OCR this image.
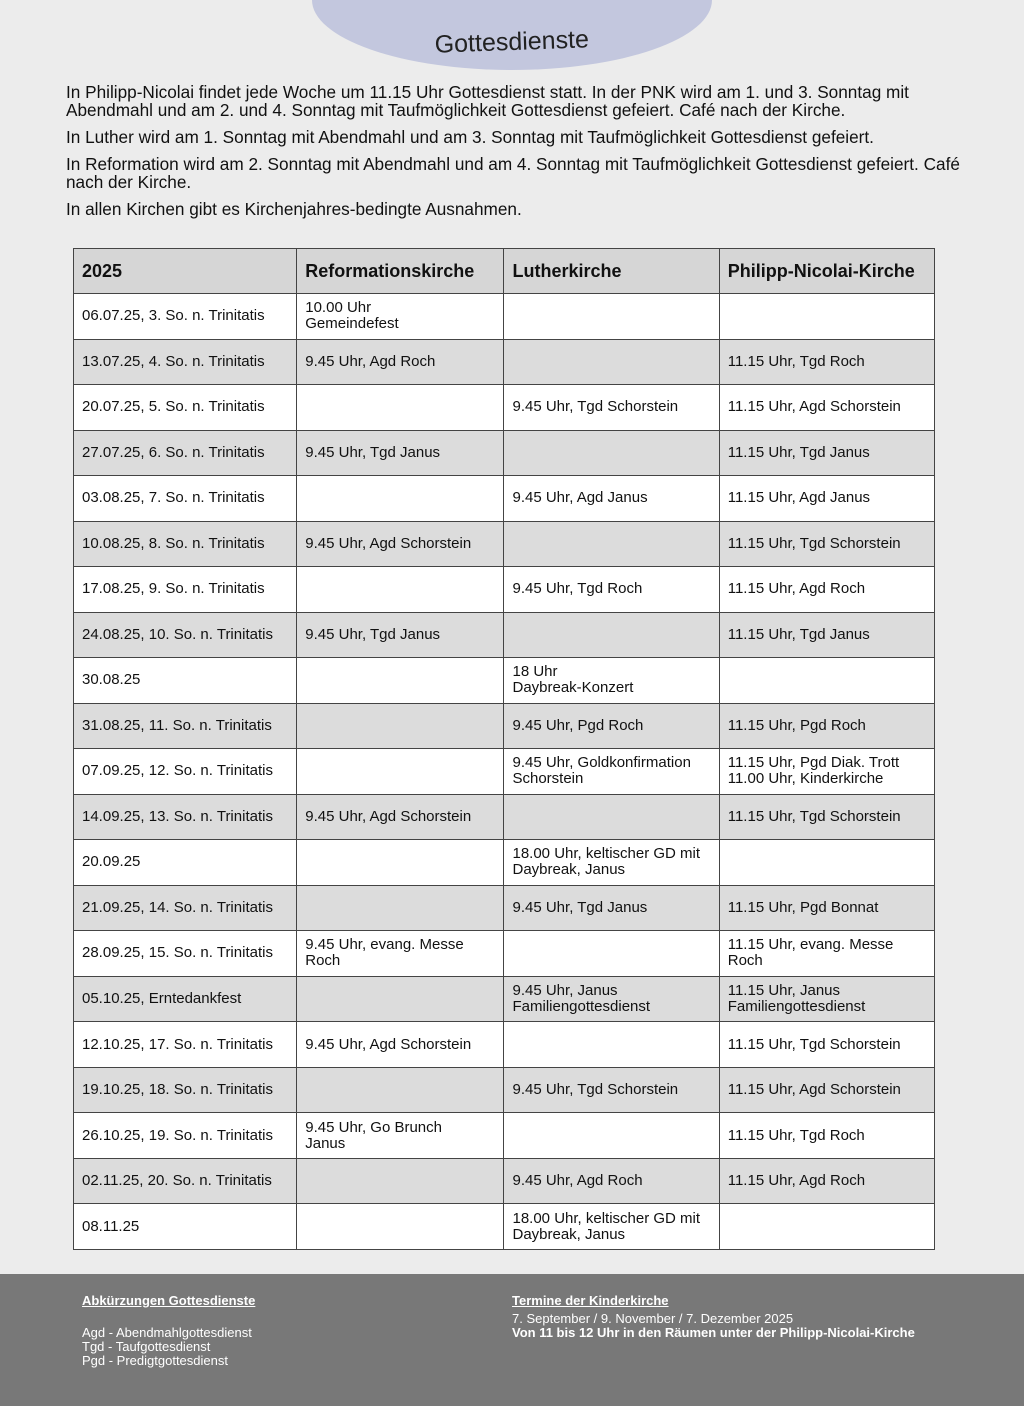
Gottesdienste

In Philipp-Nicolai findet jede Woche um 11.15 Uhr Gottesdienst statt. In der PNK wird am 1. und 3. Sonntag mit Abendmahl und am 2. und 4. Sonntag mit Taufmöglichkeit Gottesdienst gefeiert. Café nach der Kirche.

In Luther wird am 1. Sonntag mit Abendmahl und am 3. Sonntag mit Taufmöglichkeit Gottesdienst gefeiert.

In Reformation wird am 2. Sonntag mit Abendmahl und am 4. Sonntag mit Taufmöglichkeit Gottesdienst gefeiert. Café nach der Kirche.

In allen Kirchen gibt es Kirchenjahres-bedingte Ausnahmen.

2025	Reformationskirche	Lutherkirche	Philipp-Nicolai-Kirche
06.07.25, 3. So. n. Trinitatis	10.00 Uhr
Gemeindefest		
13.07.25, 4. So. n. Trinitatis	9.45 Uhr, Agd Roch		11.15 Uhr, Tgd Roch
20.07.25, 5. So. n. Trinitatis		9.45 Uhr, Tgd Schorstein	11.15 Uhr, Agd Schorstein
27.07.25, 6. So. n. Trinitatis	9.45 Uhr, Tgd Janus		11.15 Uhr, Tgd Janus
03.08.25, 7. So. n. Trinitatis		9.45 Uhr, Agd Janus	11.15 Uhr, Agd Janus
10.08.25, 8. So. n. Trinitatis	9.45 Uhr, Agd Schorstein		11.15 Uhr, Tgd Schorstein
17.08.25, 9. So. n. Trinitatis		9.45 Uhr, Tgd Roch	11.15 Uhr, Agd Roch
24.08.25, 10. So. n. Trinitatis	9.45 Uhr, Tgd Janus		11.15 Uhr, Tgd Janus
30.08.25		18 Uhr
Daybreak-Konzert	
31.08.25, 11. So. n. Trinitatis		9.45 Uhr, Pgd Roch	11.15 Uhr, Pgd Roch
07.09.25, 12. So. n. Trinitatis		9.45 Uhr, Goldkonfirmation
Schorstein	11.15 Uhr, Pgd Diak. Trott
11.00 Uhr, Kinderkirche
14.09.25, 13. So. n. Trinitatis	9.45 Uhr, Agd Schorstein		11.15 Uhr, Tgd Schorstein
20.09.25		18.00 Uhr, keltischer GD mit
Daybreak, Janus	
21.09.25, 14. So. n. Trinitatis		9.45 Uhr, Tgd Janus	11.15 Uhr, Pgd Bonnat
28.09.25, 15. So. n. Trinitatis	9.45 Uhr, evang. Messe
Roch		11.15 Uhr, evang. Messe
Roch
05.10.25, Erntedankfest		9.45 Uhr, Janus
Familiengottesdienst	11.15 Uhr, Janus
Familiengottesdienst
12.10.25, 17. So. n. Trinitatis	9.45 Uhr, Agd Schorstein		11.15 Uhr, Tgd Schorstein
19.10.25, 18. So. n. Trinitatis		9.45 Uhr, Tgd Schorstein	11.15 Uhr, Agd Schorstein
26.10.25, 19. So. n. Trinitatis	9.45 Uhr, Go Brunch
Janus		11.15 Uhr, Tgd Roch
02.11.25, 20. So. n. Trinitatis		9.45 Uhr, Agd Roch	11.15 Uhr, Agd Roch
08.11.25		18.00 Uhr, keltischer GD mit
Daybreak, Janus	
Abkürzungen Gottesdienste
Agd - Abendmahlgottesdienst
Tgd - Taufgottesdienst
Pgd - Predigtgottesdienst
Termine der Kinderkirche
7. September / 9. November / 7. Dezember 2025
Von 11 bis 12 Uhr in den Räumen unter der Philipp-Nicolai-Kirche
